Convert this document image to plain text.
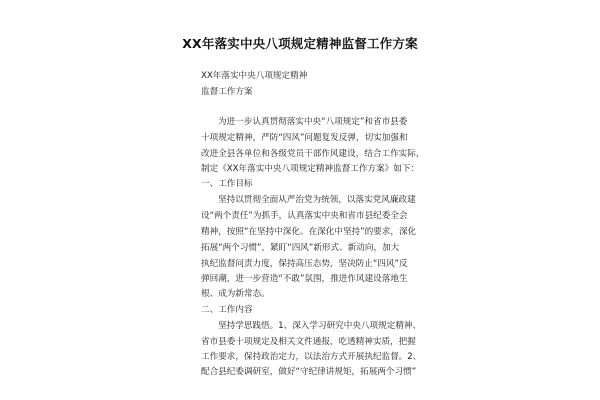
XX年落实中央八项规定精神监督工作方案
XX年落实中央八项规定精神
监督工作方案
为进一步认真贯彻落实中央“八项规定”和省市县委
十项规定精神，严防“四风”问题复发反弹，切实加强和
改进全县各单位和各级党员干部作风建设，结合工作实际，
制定《XX年落实中央八项规定精神监督工作方案》如下：
一、工作目标
坚持以贯彻全面从严治党为统领，以落实党风廉政建
设“两个责任”为抓手，认真落实中央和省市县纪委全会
精神，按照“在坚持中深化、在深化中坚持”的要求，深化
拓展“两个习惯”，紧盯“四风”新形式、新动向，加大
执纪监督问责力度，保持高压态势，坚决防止“四风”反
弹回潮，进一步营造“不敢”氛围，推进作风建设落地生
根、成为新常态。
二、工作内容
坚持学思践悟。1、深入学习研究中央八项规定精神、
省市县委十项规定及相关文件通报，吃透精神实质，把握
工作要求，保持政治定力，以法治方式开展执纪监督。2、
配合县纪委调研室，做好“守纪律讲规矩，拓展两个习惯”
